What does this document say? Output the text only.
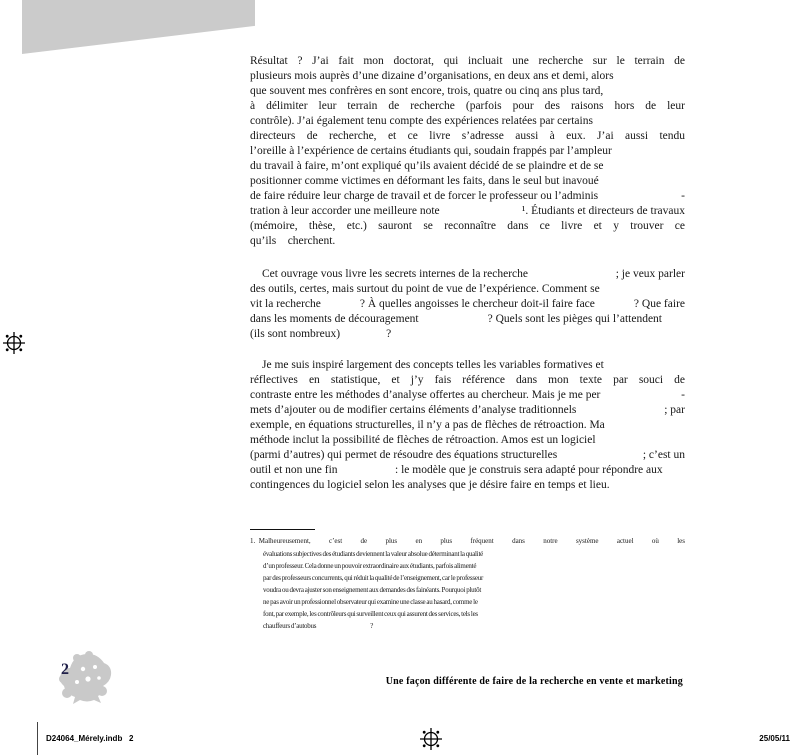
Résultat ? J’ai fait mon doctorat, qui incluait une recherche sur le terrain de
plusieurs mois auprès d’une dizaine d’organisations, en deux ans et demi, alors
que souvent mes confrères en sont encore, trois, quatre ou cinq ans plus tard,
à délimiter leur terrain de recherche (parfois pour des raisons hors de leur
contrôle). J’ai également tenu compte des expériences relatées par certains
directeurs de recherche, et ce livre s’adresse aussi à eux. J’ai aussi tendu
l’oreille à l’expérience de certains étudiants qui, soudain frappés par l’ampleur
du travail à faire, m’ont expliqué qu’ils avaient décidé de se plaindre et de se
positionner comme victimes en déformant les faits, dans le seul but inavoué
de faire réduire leur charge de travail et de forcer le professeur ou l’adminis	-
tration à leur accorder une meilleure note	¹. Étudiants et directeurs de travaux
(mémoire, thèse, etc.) sauront se reconnaître dans ce livre et y trouver ce
qu’ils  cherchent.
Cet ouvrage vous livre les secrets internes de la recherche	; je veux parler
des outils, certes, mais surtout du point de vue de l’expérience. Comment se
vit la recherche	? À quelles angoisses le chercheur doit-il faire face	? Que faire
dans les moments de découragement      ? Quels sont les pièges qui l’attendent
(ils sont nombreux)    ?
Je me suis inspiré largement des concepts telles les variables formatives et
réflectives en statistique, et j’y fais référence dans mon texte par souci de
contraste entre les méthodes d’analyse offertes au chercheur. Mais je me per	-
mets d’ajouter ou de modifier certains éléments d’analyse traditionnels	; par
exemple, en équations structurelles, il n’y a pas de flèches de rétroaction. Ma
méthode inclut la possibilité de flèches de rétroaction. Amos est un logiciel
(parmi d’autres) qui permet de résoudre des équations structurelles	; c’est un
outil et non une fin     : le modèle que je construis sera adapté pour répondre aux
contingences du logiciel selon les analyses que je désire faire en temps et lieu.
1. Malheureusement, c’est de plus en plus fréquent dans notre système actuel où les
évaluations subjectives des étudiants deviennent la valeur absolue déterminant la qualité
d’un professeur. Cela donne un pouvoir extraordinaire aux étudiants, parfois alimenté
par des professeurs concurrents, qui réduit la qualité de l’enseignement, car le professeur
voudra ou devra ajuster son enseignement aux demandes des fainéants. Pourquoi plutôt
ne pas avoir un professionnel observateur qui examine une classe au hasard, comme le
font, par exemple, les contrôleurs qui surveillent ceux qui assurent des services, tels les
chauffeurs d’autobus        ?
2
Une façon différente de faire de la recherche en vente et marketing
D24064_Mérely.indb   2	25/05/11
